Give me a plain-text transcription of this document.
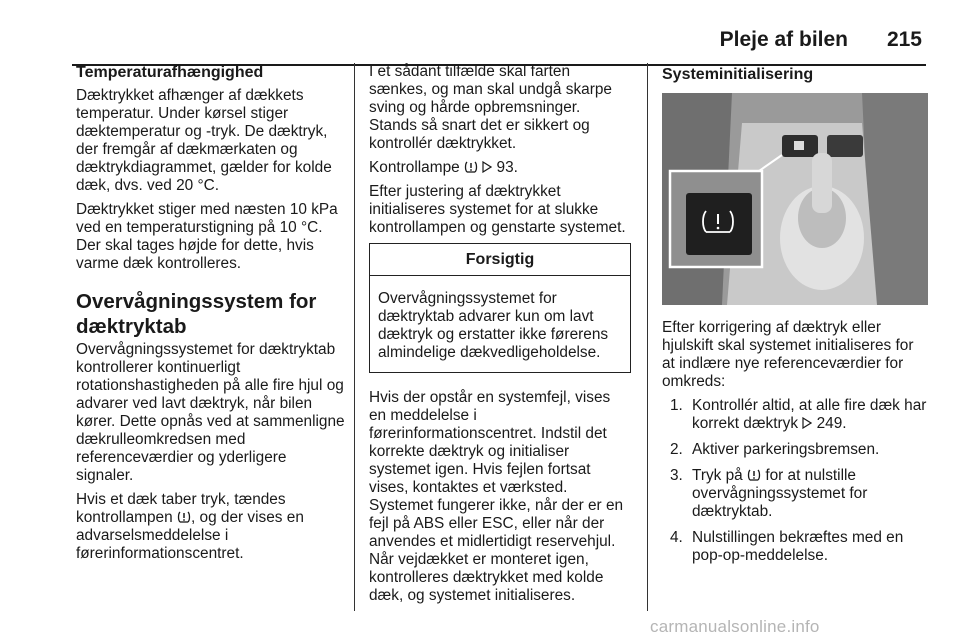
Pleje af bilen 215
Temperaturafhængighed

Dæktrykket afhænger af dækkets temperatur. Under kørsel stiger dæktemperatur og -tryk. De dæktryk, der fremgår af dækmærkaten og dæktrykdiagrammet, gælder for kolde dæk, dvs. ved 20 °C.

Dæktrykket stiger med næsten 10 kPa ved en temperaturstigning på 10 °C. Der skal tages højde for dette, hvis varme dæk kontrolleres.

Overvågningssystem for dæktryktab

Overvågningssystemet for dæktryktab kontrollerer kontinuerligt rotationshastigheden på alle fire hjul og advarer ved lavt dæktryk, når bilen kører. Dette opnås ved at sammenligne dækrulleomkredsen med referenceværdier og yderligere signaler.

Hvis et dæk taber tryk, tændes kontrollampen , og der vises en advarselsmeddelelse i førerinformationscentret.

I et sådant tilfælde skal farten sænkes, og man skal undgå skarpe sving og hårde opbremsninger. Stands så snart det er sikkert og kontrollér dæktrykket.

Kontrollampe 93.

Efter justering af dæktrykket initialiseres systemet for at slukke kontrollampen og genstarte systemet.

Forsigtig
Overvågningssystemet for dæktryktab advarer kun om lavt dæktryk og erstatter ikke førerens almindelige dækvedligeholdelse.

Hvis der opstår en systemfejl, vises en meddelelse i førerinformationscentret. Indstil det korrekte dæktryk og initialiser systemet igen. Hvis fejlen fortsat vises, kontaktes et værksted. Systemet fungerer ikke, når der er en fejl på ABS eller ESC, eller når der anvendes et midlertidigt reservehjul. Når vejdækket er monteret igen, kontrolleres dæktrykket med kolde dæk, og systemet initialiseres.

Systeminitialisering

Efter korrigering af dæktryk eller hjulskift skal systemet initialiseres for at indlære nye referenceværdier for omkreds:

1. Kontrollér altid, at alle fire dæk har korrekt dæktryk 249.
2. Aktiver parkeringsbremsen.
3. Tryk på for at nulstille overvågningssystemet for dæktryktab.
4. Nulstillingen bekræftes med en pop-op-meddelelse.
carmanualsonline.info
